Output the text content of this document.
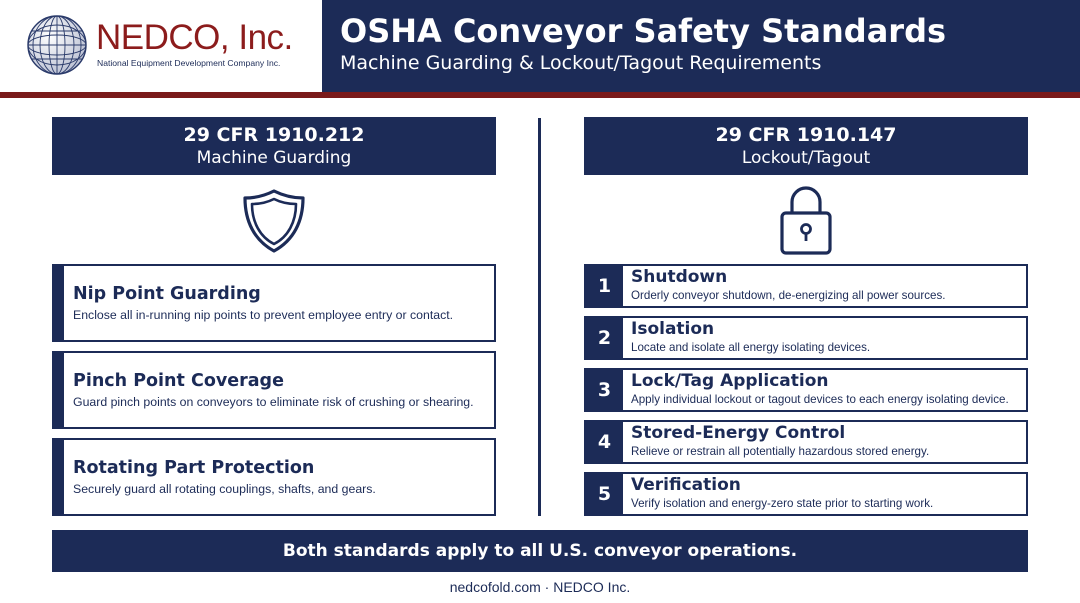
NEDCO, Inc.
National Equipment Development Company Inc.
OSHA Conveyor Safety Standards
Machine Guarding & Lockout/Tagout Requirements
29 CFR 1910.212
Machine Guarding
Nip Point Guarding
Enclose all in-running nip points to prevent employee entry or contact.
Pinch Point Coverage
Guard pinch points on conveyors to eliminate risk of crushing or shearing.
Rotating Part Protection
Securely guard all rotating couplings, shafts, and gears.
29 CFR 1910.147
Lockout/Tagout
1	Shutdown
Orderly conveyor shutdown, de-energizing all power sources.
2	Isolation
Locate and isolate all energy isolating devices.
3	Lock/Tag Application
Apply individual lockout or tagout devices to each energy isolating device.
4	Stored-Energy Control
Relieve or restrain all potentially hazardous stored energy.
5	Verification
Verify isolation and energy-zero state prior to starting work.
Both standards apply to all U.S. conveyor operations.
nedcofold.com · NEDCO Inc.
